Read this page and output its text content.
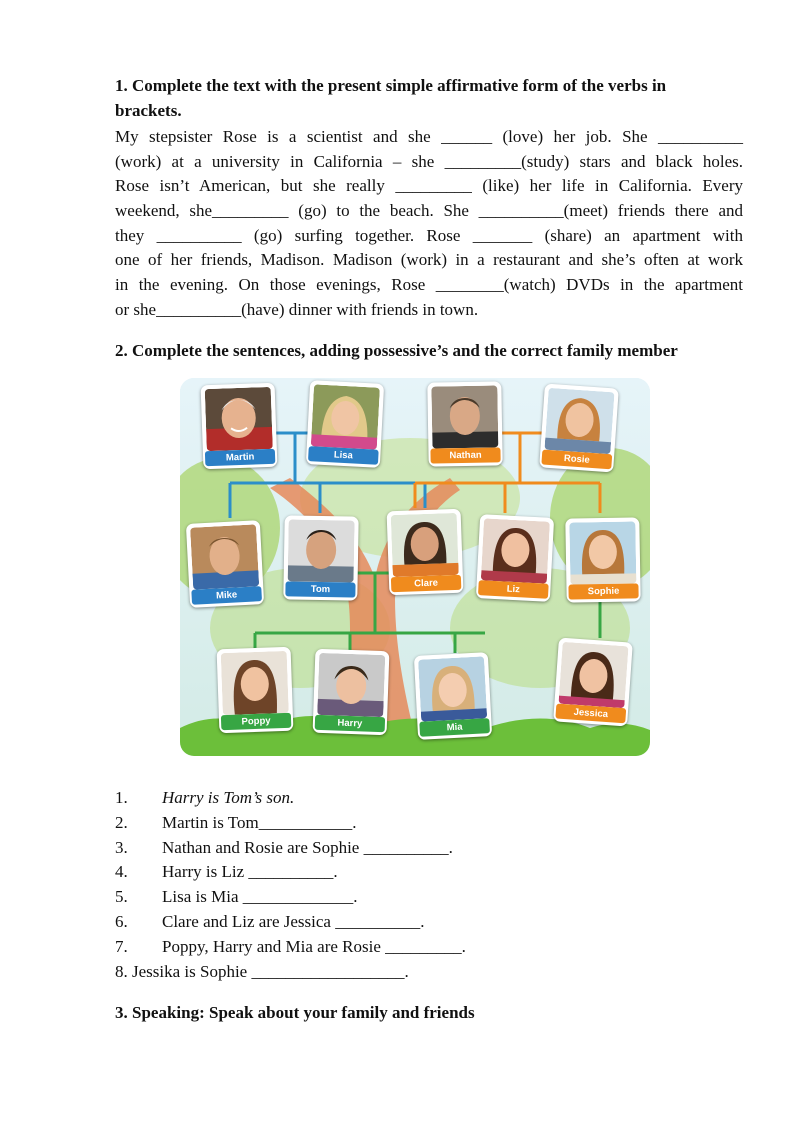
1. Complete the text with the present simple affirmative form of the verbs in
brackets.
My stepsister Rose is a scientist and she ______ (love) her job. She __________
(work) at a university in California – she _________(study) stars and black holes.
Rose isn’t American, but she really _________ (like) her life in California. Every
weekend, she_________ (go) to the beach. She __________(meet) friends there and
they __________ (go) surfing together. Rose _______ (share) an apartment with
one of her friends, Madison. Madison (work) in a restaurant and she’s often at work
in the evening. On those evenings, Rose ________(watch) DVDs in the apartment
or she__________(have) dinner with friends in town.
2. Complete the sentences, adding possessive’s and the correct family member
Martin	Lisa	Nathan	Rosie
Mike	Tom
Clare
Liz	Sophie
Poppy	Harry	Mia
Jessica
1. Harry is Tom’s son.
2. Martin is Tom___________.
3. Nathan and Rosie are Sophie __________.
4. Harry is Liz __________.
5. Lisa is Mia _____________.
6. Clare and Liz are Jessica __________.
7. Poppy, Harry and Mia are Rosie _________.
8. Jessika is Sophie __________________.
3. Speaking: Speak about your family and friends
